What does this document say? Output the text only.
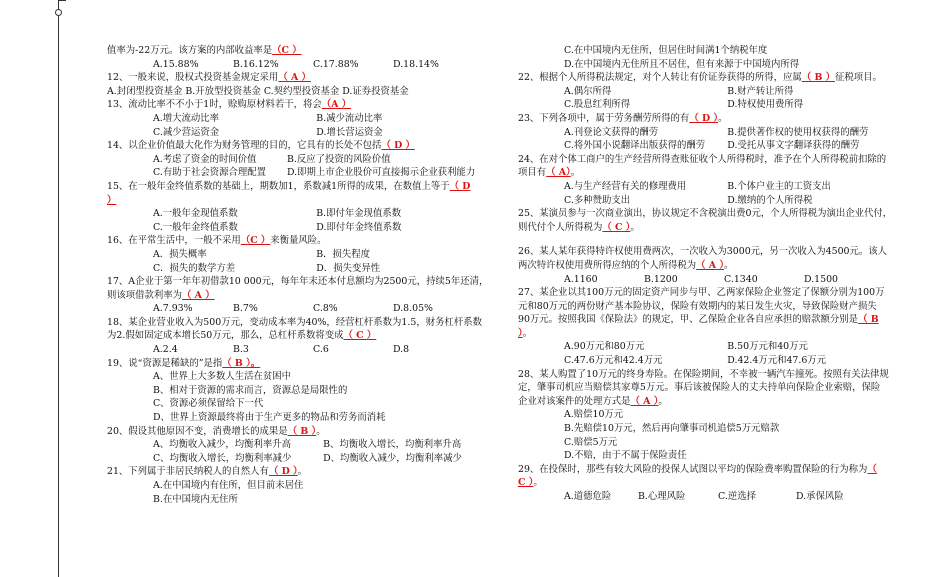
值率为-22万元。该方案的内部收益率是（C ）
A.15.88%	B.16.12%	C.17.88%	D.18.14%
12、一般来说，股权式投资基金规定采用（ A ）
A.封闭型投资基金 B.开放型投资基金 C.契约型投资基金 D.证券投资基金
13、流动比率不不小于1时，赊购原材料若干，将会（A ）
A.增大流动比率	B.减少流动比率
C.减少营运资金	D.增长营运资金
14、以企业价值最大化作为财务管理的目的，它具有的长处不包括（ D ）
A.考虑了资金的时间价值	B.反应了投资的风险价值
C.有助于社会资源合理配置	D.即期上市企业股价可直接揭示企业获利能力
15、在一般年金终值系数的基础上，期数加1，系数减1所得的成果，在数值上等于（ D
）
A.一般年金现值系数	B.即付年金现值系数
C.一般年金终值系数	D.即付年金终值系数
16、在平常生活中，一般不采用（C ）来衡量风险。
A．损失概率	B．损失程度
C．损失的数学方差	D．损失变异性
17、A企业于第一年年初借款10 000元，每年年末还本付息额均为2500元，持续5年还清，
则该项借款利率为（ A ）
A.7.93%	B.7%	C.8%	D.8.05%
18、某企业营业收入为500万元，变动成本率为40%，经营杠杆系数为1.5，财务杠杆系数
为2.假如固定成本增长50万元，那么，总杠杆系数将变成（ C ）
A.2.4	B.3	C.6	D.8
19、说“资源是稀缺的”是指（ B ）。
A、世界上大多数人生活在贫困中
B、相对于资源的需求而言，资源总是局限性的
C、资源必须保留给下一代
D、世界上资源最终将由于生产更多的物品和劳务而消耗
20、假设其他原因不变，消费增长的成果是（ B ）。
A、均衡收入减少，均衡利率升高	B、均衡收入增长，均衡利率升高
C、均衡收入增长，均衡利率减少	D、均衡收入减少，均衡利率减少
21、下列属于非居民纳税人的自然人有（ D ）。
A.在中国境内有住所，但目前未居住
B.在中国境内无住所
C.在中国境内无住所，但居住时间满1个纳税年度
D.在中国境内无住所且不居住，但有来源于中国境内所得
22、根据个人所得税法规定，对个人转让有价证券获得的所得，应属（ B ）征税项目。
A.偶尔所得	B.财产转让所得
C.股息红利所得	D.特权使用费所得
23、下列各项中，属于劳务酬劳所得的有（ D ）。
A.刊登论文获得的酬劳	B.提供著作权的使用权获得的酬劳
C.将外国小说翻译出版获得的酬劳	D.受托从事文字翻译获得的酬劳
24、在对个体工商户的生产经营所得查账征收个人所得税时，准予在个人所得税前扣除的
项目有（ A）。
A.与生产经营有关的修理费用	B.个体户业主的工资支出
C.多种赞助支出	D.缴纳的个人所得税
25、某演员参与一次商业演出，协议规定不含税演出费0元，个人所得税为演出企业代付，
则代付个人所得税为（ C ）。
26、某人某年获得特许权使用费两次，一次收入为3000元，另一次收入为4500元。该人
两次特许权使用费所得应纳的个人所得税为（ A ）。
A.1160	B.1200	C.1340	D.1500
27、某企业以其100万元的固定资产同步与甲、乙两家保险企业签定了保额分别为100万
元和80万元的两份财产基本险协议，保险有效期内的某日发生火灾，导致保险财产损失
90万元。按照我国《保险法》的规定，甲、乙保险企业各自应承担的赔款额分别是（ B
）。
A.90万元和80万元	B.50万元和40万元
C.47.6万元和42.4万元	D.42.4万元和47.6万元
28、某人购置了10万元的终身寿险。在保险期间，不幸被一辆汽车撞死。按照有关法律规
定，肇事司机应当赔偿其家尊5万元。事后该被保险人的丈夫持单向保险企业索赔，保险
企业对该案件的处理方式是（ A ）。
A.赔偿10万元
B.先赔偿10万元，然后再向肇事司机追偿5万元赔款
C.赔偿5万元
D.不赔，由于不属于保险责任
29、在投保时，那些有较大风险的投保人试图以平均的保险费率购置保险的行为称为（
C ）。
A.道德危险	B.心理风险	C.逆选择	D.承保风险
